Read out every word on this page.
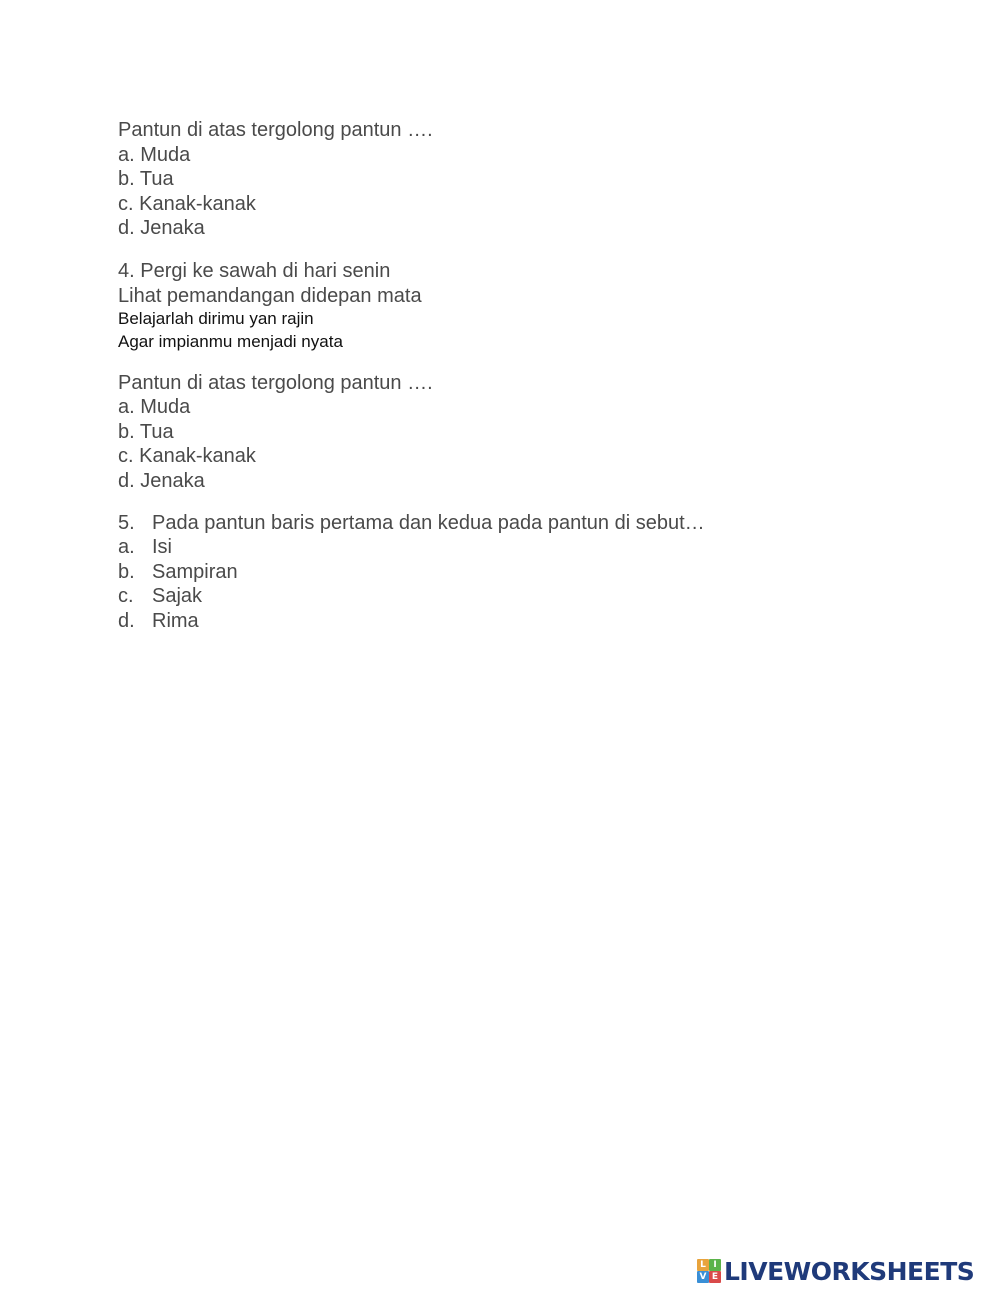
Pantun di atas tergolong pantun ….
a. Muda
b. Tua
c. Kanak-kanak
d. Jenaka
4. Pergi ke sawah di hari senin
Lihat pemandangan didepan mata
Belajarlah dirimu yan rajin
Agar impianmu menjadi nyata
Pantun di atas tergolong pantun ….
a. Muda
b. Tua
c. Kanak-kanak
d. Jenaka
5. Pada pantun baris pertama dan kedua pada pantun di sebut…
a. Isi
b. Sampiran
c. Sajak
d. Rima
L I
V E LIVEWORKSHEETS
